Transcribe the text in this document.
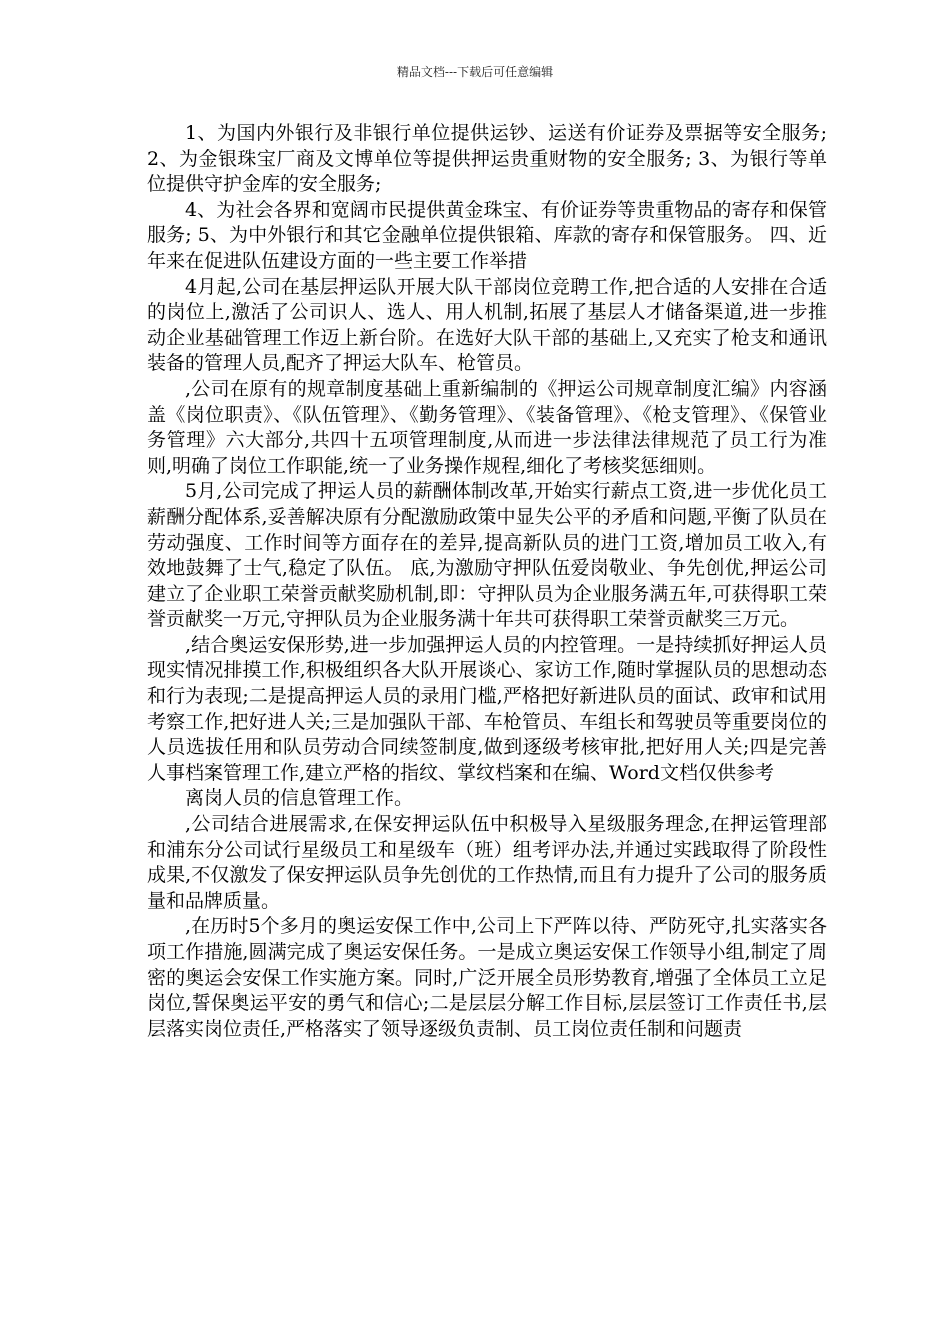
精品文档---下载后可任意编辑

1、为国内外银行及非银行单位提供运钞、运送有价证券及票据等安全服务; 2、为金银珠宝厂商及文博单位等提供押运贵重财物的安全服务; 3、为银行等单位提供守护金库的安全服务;

4、为社会各界和宽阔市民提供黄金珠宝、有价证券等贵重物品的寄存和保管服务; 5、为中外银行和其它金融单位提供银箱、库款的寄存和保管服务。 四、近年来在促进队伍建设方面的一些主要工作举措

4月起,公司在基层押运队开展大队干部岗位竞聘工作,把合适的人安排在合适的岗位上,激活了公司识人、选人、用人机制,拓展了基层人才储备渠道,进一步推动企业基础管理工作迈上新台阶。在选好大队干部的基础上,又充实了枪支和通讯装备的管理人员,配齐了押运大队车、枪管员。

,公司在原有的规章制度基础上重新编制的《押运公司规章制度汇编》内容涵盖《岗位职责》、《队伍管理》、《勤务管理》、《装备管理》、《枪支管理》、《保管业务管理》六大部分,共四十五项管理制度,从而进一步法律法律规范了员工行为准则,明确了岗位工作职能,统一了业务操作规程,细化了考核奖惩细则。

5月,公司完成了押运人员的薪酬体制改革,开始实行薪点工资,进一步优化员工薪酬分配体系,妥善解决原有分配激励政策中显失公平的矛盾和问题,平衡了队员在劳动强度、工作时间等方面存在的差异,提高新队员的进门工资,增加员工收入,有效地鼓舞了士气,稳定了队伍。 底,为激励守押队伍爱岗敬业、争先创优,押运公司建立了企业职工荣誉贡献奖励机制,即：守押队员为企业服务满五年,可获得职工荣誉贡献奖一万元,守押队员为企业服务满十年共可获得职工荣誉贡献奖三万元。

,结合奥运安保形势,进一步加强押运人员的内控管理。一是持续抓好押运人员现实情况排摸工作,积极组织各大队开展谈心、家访工作,随时掌握队员的思想动态和行为表现;二是提高押运人员的录用门槛,严格把好新进队员的面试、政审和试用考察工作,把好进人关;三是加强队干部、车枪管员、车组长和驾驶员等重要岗位的人员选拔任用和队员劳动合同续签制度,做到逐级考核审批,把好用人关;四是完善人事档案管理工作,建立严格的指纹、掌纹档案和在编、Word文档仅供参考

离岗人员的信息管理工作。

,公司结合进展需求,在保安押运队伍中积极导入星级服务理念,在押运管理部和浦东分公司试行星级员工和星级车（班）组考评办法,并通过实践取得了阶段性成果,不仅激发了保安押运队员争先创优的工作热情,而且有力提升了公司的服务质量和品牌质量。

,在历时5个多月的奥运安保工作中,公司上下严阵以待、严防死守,扎实落实各项工作措施,圆满完成了奥运安保任务。一是成立奥运安保工作领导小组,制定了周密的奥运会安保工作实施方案。同时,广泛开展全员形势教育,增强了全体员工立足岗位,誓保奥运平安的勇气和信心;二是层层分解工作目标,层层签订工作责任书,层层落实岗位责任,严格落实了领导逐级负责制、员工岗位责任制和问题责
